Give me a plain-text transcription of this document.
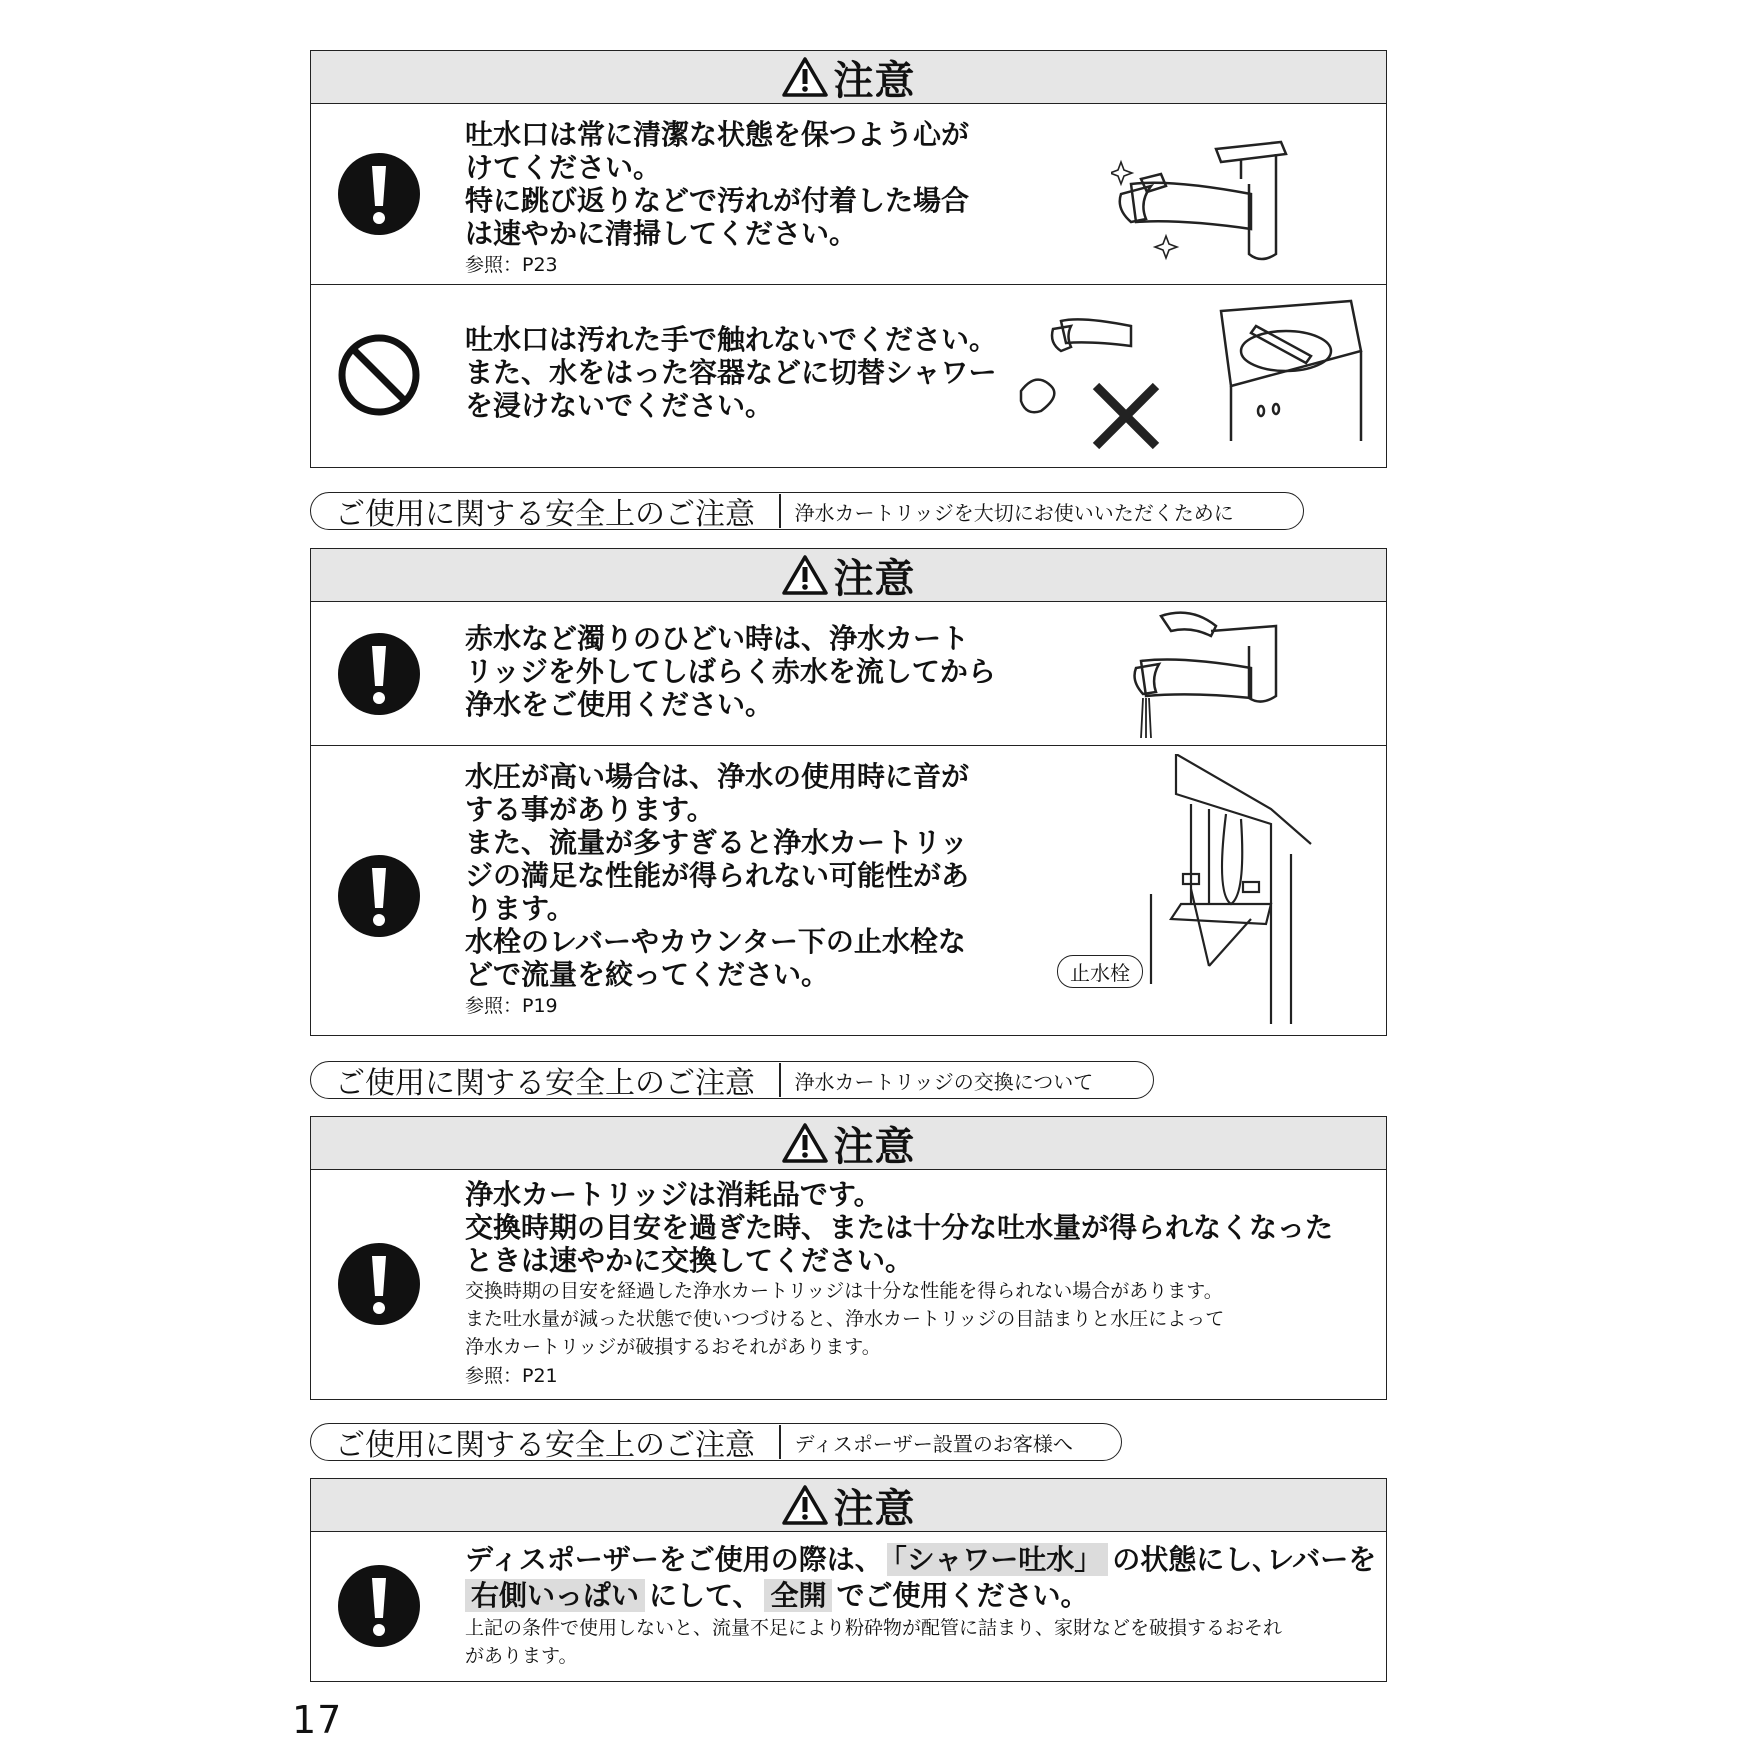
注意
吐水口は常に清潔な状態を保つよう心が
けてください。
特に跳び返りなどで汚れが付着した場合
は速やかに清掃してください。
参照：P23
吐水口は汚れた手で触れないでください。
また、水をはった容器などに切替シャワー
を浸けないでください。
ご使用に関する安全上のご注意	浄水カートリッジを大切にお使いいただくために
注意
赤水など濁りのひどい時は、浄水カート
リッジを外してしばらく赤水を流してから
浄水をご使用ください。
水圧が高い場合は、浄水の使用時に音が
する事があります。
また、流量が多すぎると浄水カートリッ
ジの満足な性能が得られない可能性があ
ります。
水栓のレバーやカウンター下の止水栓な
どで流量を絞ってください。
参照：P19
止水栓
ご使用に関する安全上のご注意	浄水カートリッジの交換について
注意
浄水カートリッジは消耗品です。
交換時期の目安を過ぎた時、または十分な吐水量が得られなくなった
ときは速やかに交換してください。
交換時期の目安を経過した浄水カートリッジは十分な性能を得られない場合があります。
また吐水量が減った状態で使いつづけると、浄水カートリッジの目詰まりと水圧によって
浄水カートリッジが破損するおそれがあります。
参照：P21
ご使用に関する安全上のご注意	ディスポーザー設置のお客様へ
注意
ディスポーザーをご使用の際は、 「シャワー吐水」 の状態にし､レバーを
右側いっぱい にして、 全開 でご使用ください。
上記の条件で使用しないと、流量不足により粉砕物が配管に詰まり、家財などを破損するおそれ
があります。
17
